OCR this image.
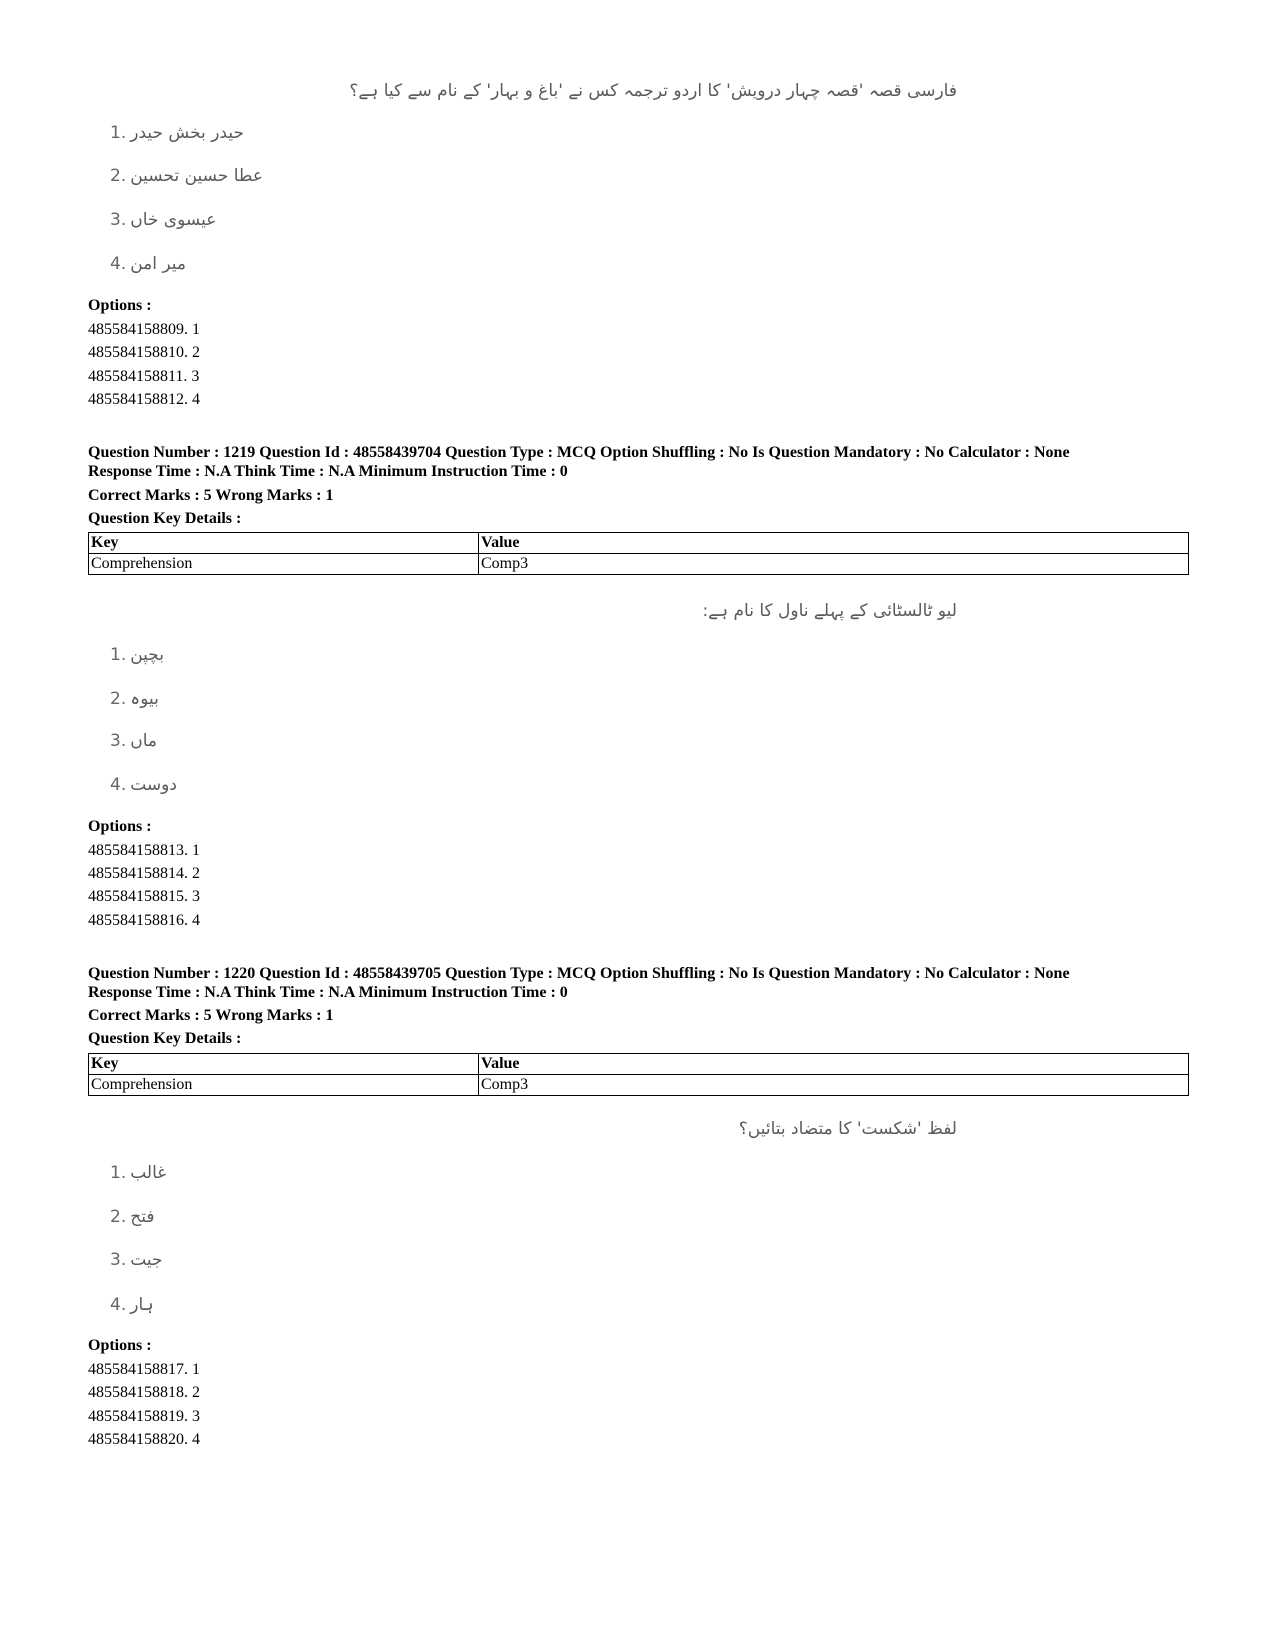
فارسی قصہ 'قصہ چہار درویش' کا اردو ترجمہ کس نے 'باغ و بہار' کے نام سے کیا ہے؟
1. حیدر بخش حیدر
2. عطا حسین تحسین
3. عیسوی خاں
4. میر امن
Options :
485584158809. 1
485584158810. 2
485584158811. 3
485584158812. 4
Question Number : 1219 Question Id : 48558439704 Question Type : MCQ Option Shuffling : No Is Question Mandatory : No Calculator : None
Response Time : N.A Think Time : N.A Minimum Instruction Time : 0
Correct Marks : 5 Wrong Marks : 1
Question Key Details :
Key	Value
Comprehension	Comp3
لیو ٹالسٹائی کے پہلے ناول کا نام ہے:
1. بچپن
2. بیوہ
3. ماں
4. دوست
Options :
485584158813. 1
485584158814. 2
485584158815. 3
485584158816. 4
Question Number : 1220 Question Id : 48558439705 Question Type : MCQ Option Shuffling : No Is Question Mandatory : No Calculator : None
Response Time : N.A Think Time : N.A Minimum Instruction Time : 0
Correct Marks : 5 Wrong Marks : 1
Question Key Details :
Key	Value
Comprehension	Comp3
لفظ 'شکست' کا متضاد بتائیں؟
1. غالب
2. فتح
3. جیت
4. ہار
Options :
485584158817. 1
485584158818. 2
485584158819. 3
485584158820. 4
